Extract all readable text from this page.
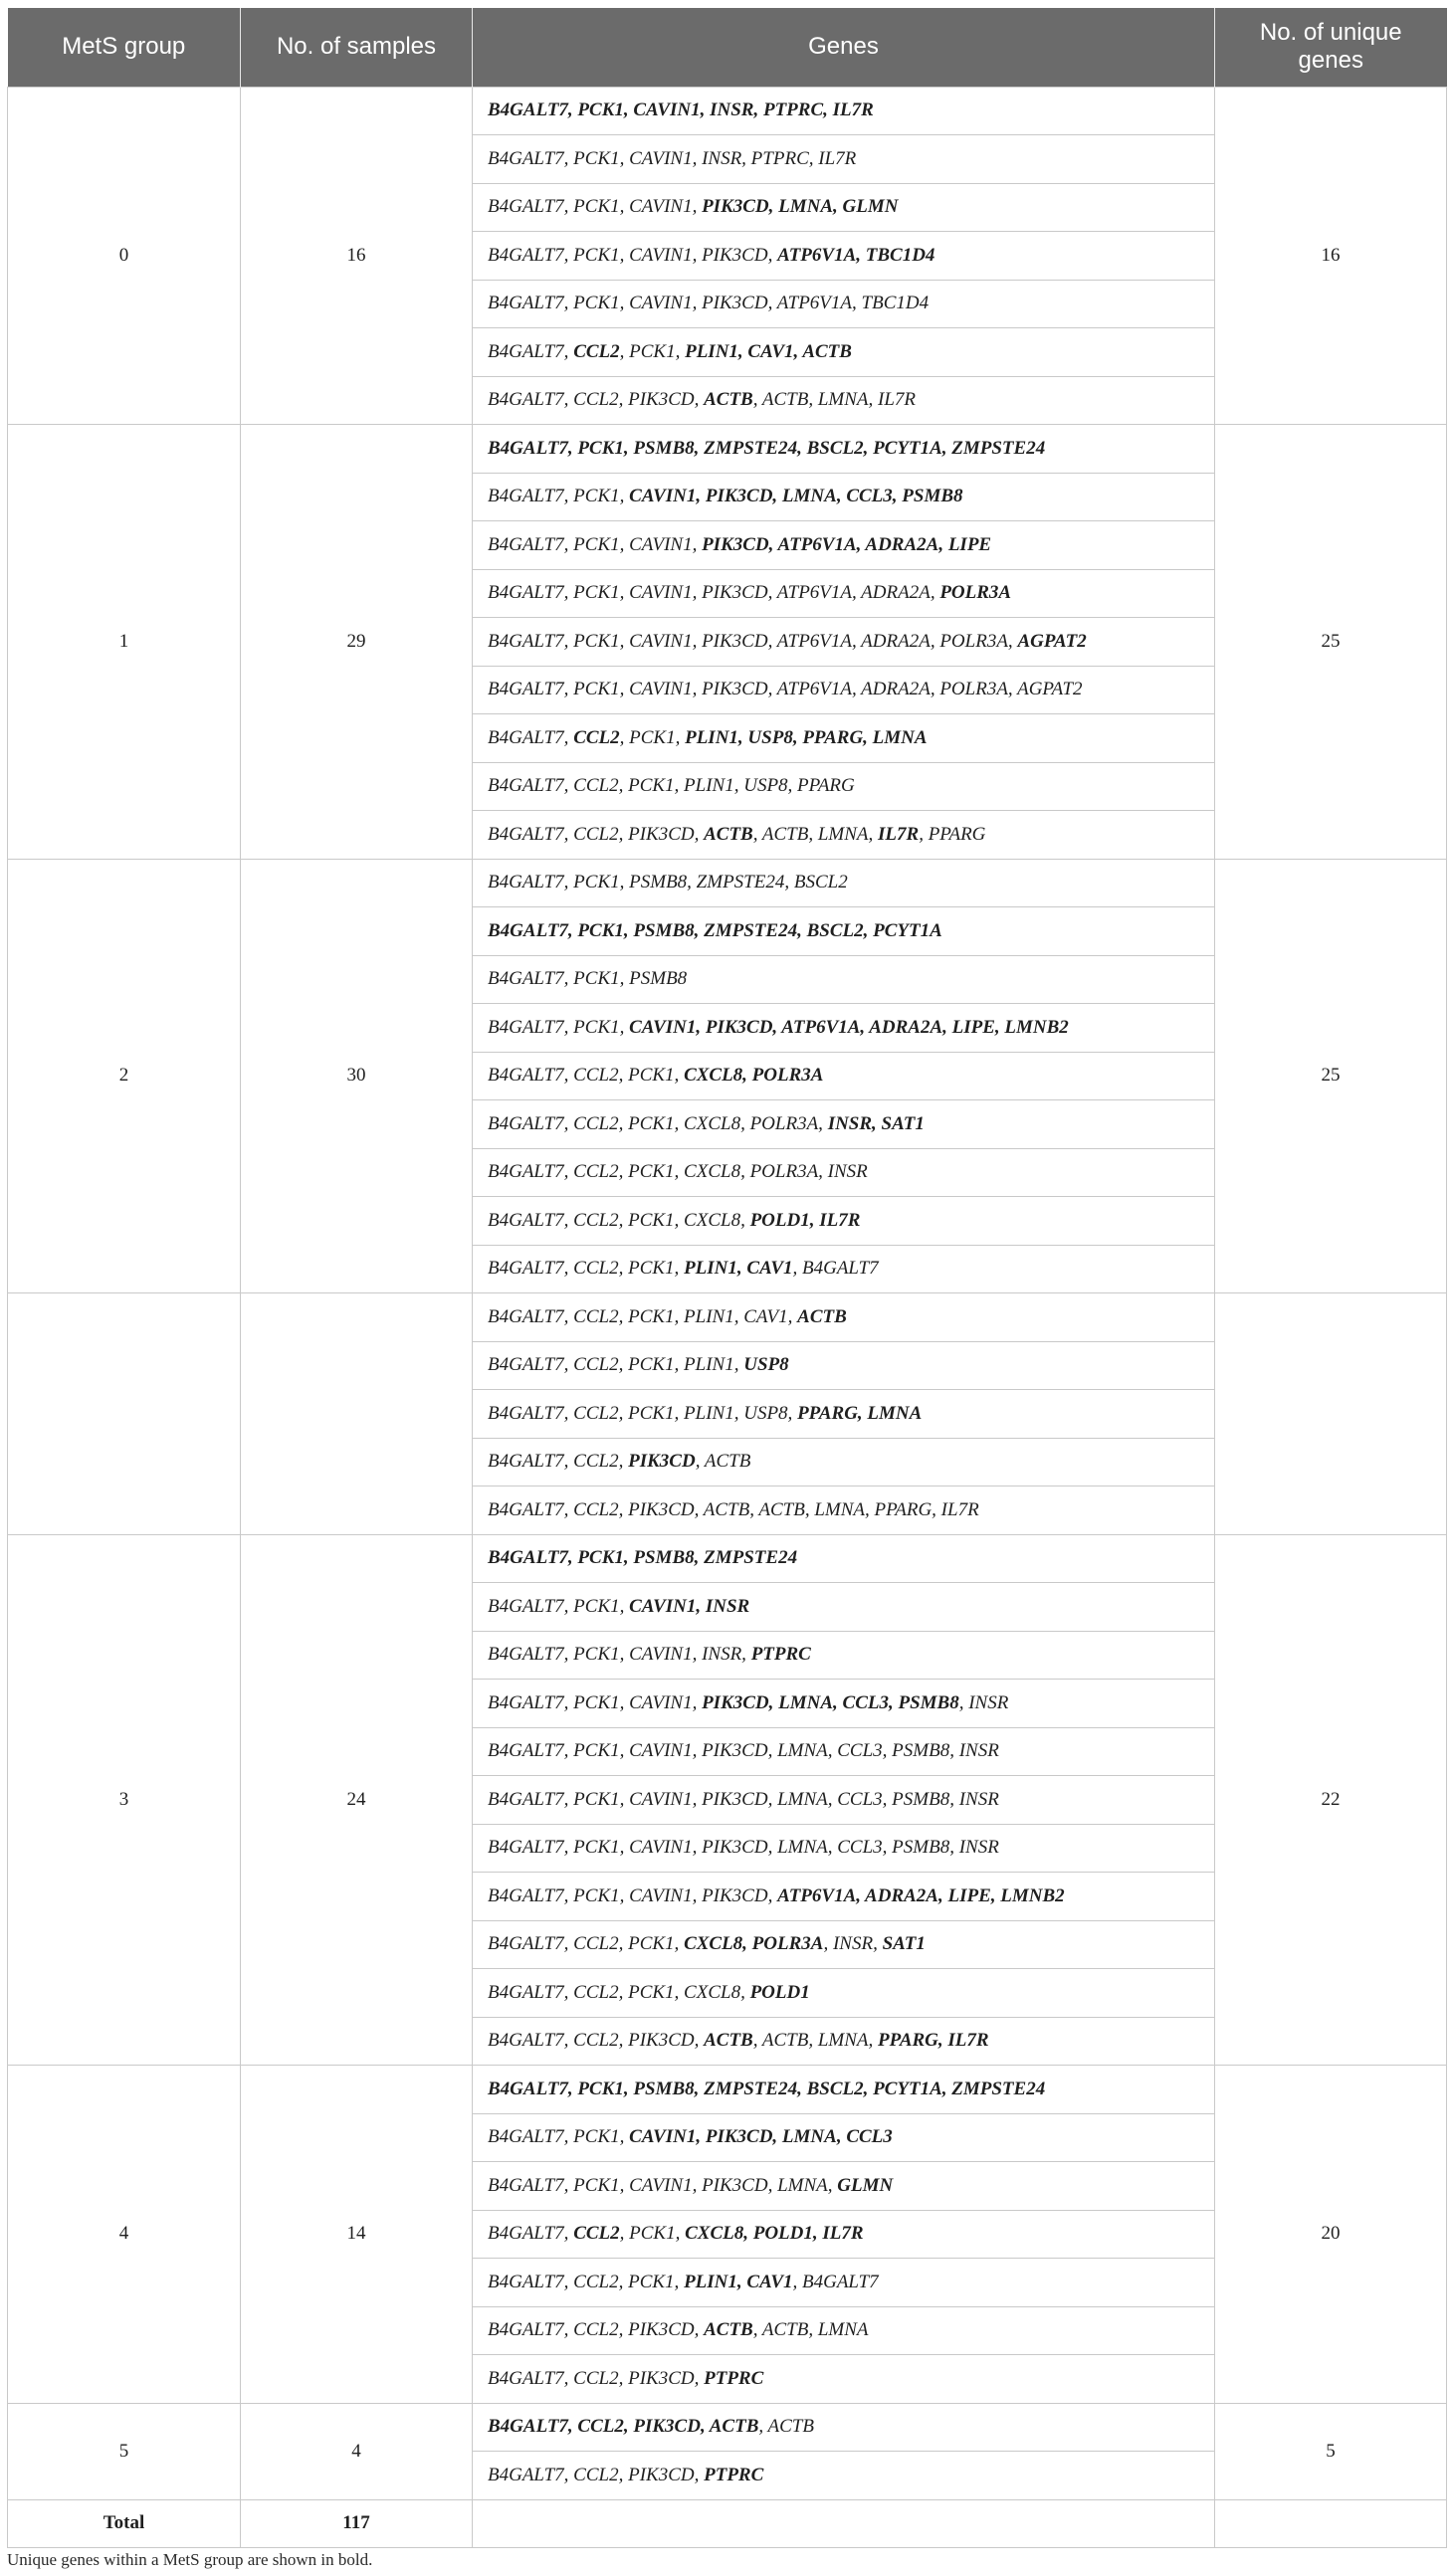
MetS group	No. of samples	Genes	No. of unique genes
0	16	B4GALT7, PCK1, CAVIN1, INSR, PTPRC, IL7R	16
		B4GALT7, PCK1, CAVIN1, INSR, PTPRC, IL7R	
		B4GALT7, PCK1, CAVIN1, PIK3CD, LMNA, GLMN	
		B4GALT7, PCK1, CAVIN1, PIK3CD, ATP6V1A, TBC1D4	
		B4GALT7, PCK1, CAVIN1, PIK3CD, ATP6V1A, TBC1D4	
		B4GALT7, CCL2, PCK1, PLIN1, CAV1, ACTB	
		B4GALT7, CCL2, PIK3CD, ACTB, ACTB, LMNA, IL7R	
1	29	B4GALT7, PCK1, PSMB8, ZMPSTE24, BSCL2, PCYT1A, ZMPSTE24	25
		B4GALT7, PCK1, CAVIN1, PIK3CD, LMNA, CCL3, PSMB8	
		B4GALT7, PCK1, CAVIN1, PIK3CD, ATP6V1A, ADRA2A, LIPE	
		B4GALT7, PCK1, CAVIN1, PIK3CD, ATP6V1A, ADRA2A, POLR3A	
		B4GALT7, PCK1, CAVIN1, PIK3CD, ATP6V1A, ADRA2A, POLR3A, AGPAT2	
		B4GALT7, PCK1, CAVIN1, PIK3CD, ATP6V1A, ADRA2A, POLR3A, AGPAT2	
		B4GALT7, CCL2, PCK1, PLIN1, USP8, PPARG, LMNA	
		B4GALT7, CCL2, PCK1, PLIN1, USP8, PPARG	
		B4GALT7, CCL2, PIK3CD, ACTB, ACTB, LMNA, IL7R, PPARG	
2	30	B4GALT7, PCK1, PSMB8, ZMPSTE24, BSCL2	25
		B4GALT7, PCK1, PSMB8, ZMPSTE24, BSCL2, PCYT1A	
		B4GALT7, PCK1, PSMB8	
		B4GALT7, PCK1, CAVIN1, PIK3CD, ATP6V1A, ADRA2A, LIPE, LMNB2	
		B4GALT7, CCL2, PCK1, CXCL8, POLR3A	
		B4GALT7, CCL2, PCK1, CXCL8, POLR3A, INSR, SAT1	
		B4GALT7, CCL2, PCK1, CXCL8, POLR3A, INSR	
		B4GALT7, CCL2, PCK1, CXCL8, POLD1, IL7R	
		B4GALT7, CCL2, PCK1, PLIN1, CAV1, B4GALT7	
		B4GALT7, CCL2, PCK1, PLIN1, CAV1, ACTB	
		B4GALT7, CCL2, PCK1, PLIN1, USP8	
		B4GALT7, CCL2, PCK1, PLIN1, USP8, PPARG, LMNA	
		B4GALT7, CCL2, PIK3CD, ACTB	
		B4GALT7, CCL2, PIK3CD, ACTB, ACTB, LMNA, PPARG, IL7R	
3	24	B4GALT7, PCK1, PSMB8, ZMPSTE24	22
		B4GALT7, PCK1, CAVIN1, INSR	
		B4GALT7, PCK1, CAVIN1, INSR, PTPRC	
		B4GALT7, PCK1, CAVIN1, PIK3CD, LMNA, CCL3, PSMB8, INSR	
		B4GALT7, PCK1, CAVIN1, PIK3CD, LMNA, CCL3, PSMB8, INSR	
		B4GALT7, PCK1, CAVIN1, PIK3CD, LMNA, CCL3, PSMB8, INSR	
		B4GALT7, PCK1, CAVIN1, PIK3CD, LMNA, CCL3, PSMB8, INSR	
		B4GALT7, PCK1, CAVIN1, PIK3CD, ATP6V1A, ADRA2A, LIPE, LMNB2	
		B4GALT7, CCL2, PCK1, CXCL8, POLR3A, INSR, SAT1	
		B4GALT7, CCL2, PCK1, CXCL8, POLD1	
		B4GALT7, CCL2, PIK3CD, ACTB, ACTB, LMNA, PPARG, IL7R	
4	14	B4GALT7, PCK1, PSMB8, ZMPSTE24, BSCL2, PCYT1A, ZMPSTE24	20
		B4GALT7, PCK1, CAVIN1, PIK3CD, LMNA, CCL3	
		B4GALT7, PCK1, CAVIN1, PIK3CD, LMNA, GLMN	
		B4GALT7, CCL2, PCK1, CXCL8, POLD1, IL7R	
		B4GALT7, CCL2, PCK1, PLIN1, CAV1, B4GALT7	
		B4GALT7, CCL2, PIK3CD, ACTB, ACTB, LMNA	
		B4GALT7, CCL2, PIK3CD, PTPRC	
5	4	B4GALT7, CCL2, PIK3CD, ACTB, ACTB	5
		B4GALT7, CCL2, PIK3CD, PTPRC	
Total	117		
Unique genes within a MetS group are shown in bold.
